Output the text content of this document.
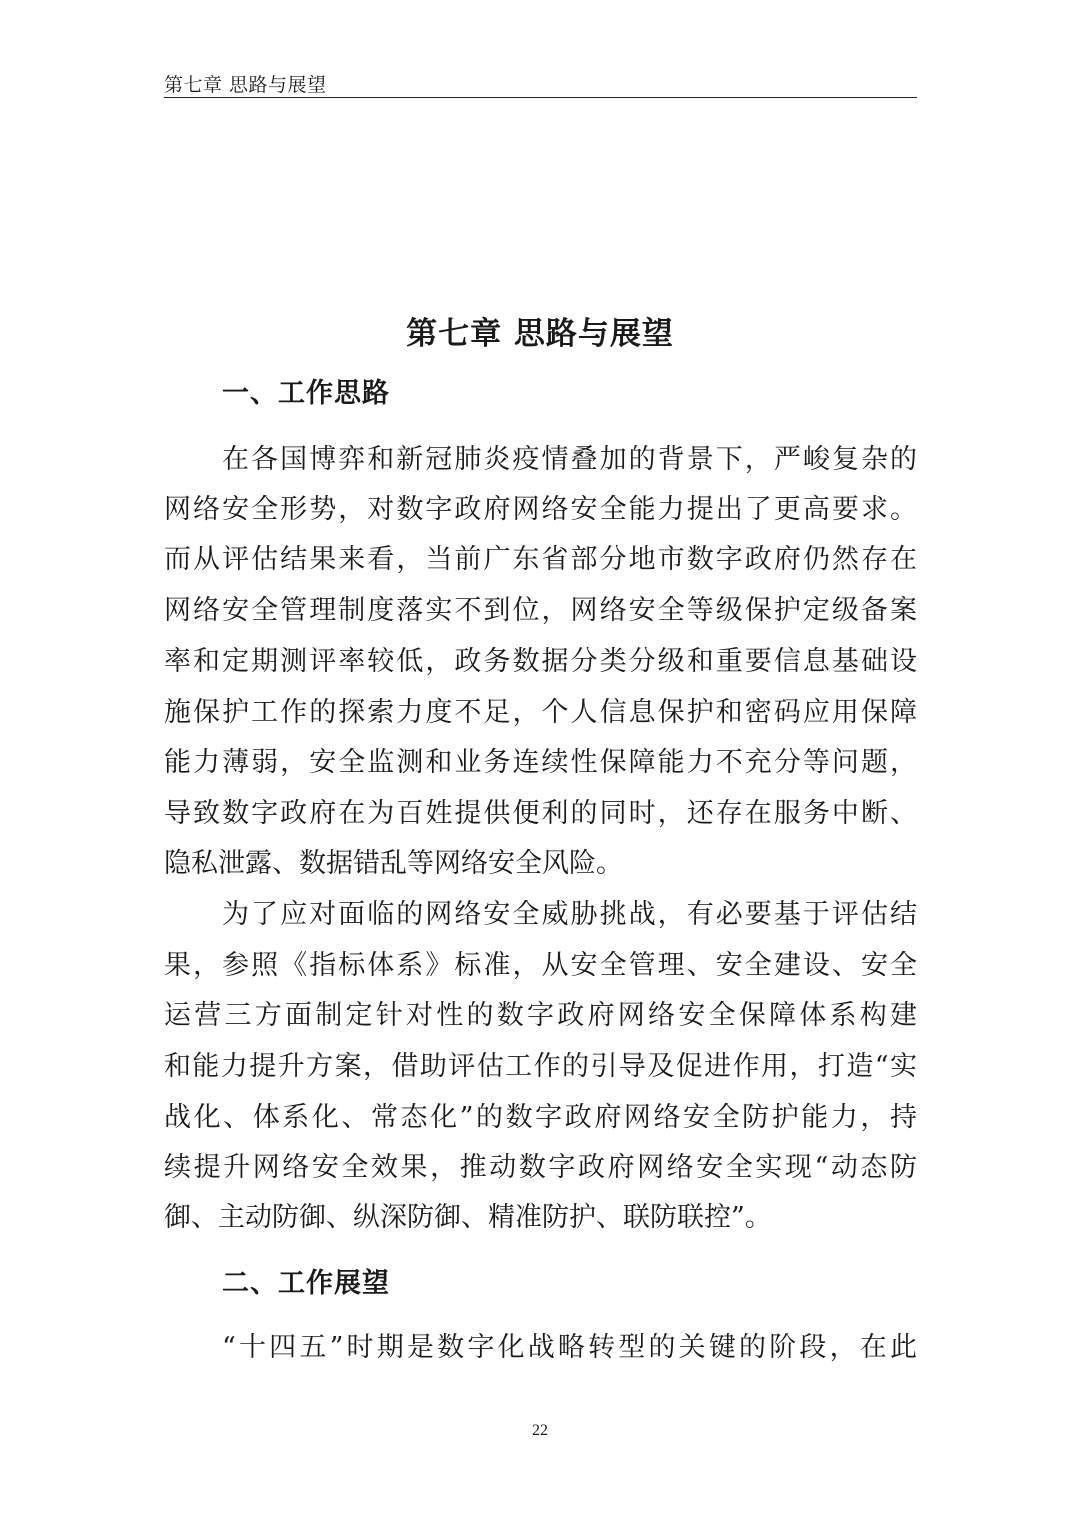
第七章 思路与展望
第七章 思路与展望
一、工作思路
在各国博弈和新冠肺炎疫情叠加的背景下，严峻复杂的
网络安全形势，对数字政府网络安全能力提出了更高要求。
而从评估结果来看，当前广东省部分地市数字政府仍然存在
网络安全管理制度落实不到位，网络安全等级保护定级备案
率和定期测评率较低，政务数据分类分级和重要信息基础设
施保护工作的探索力度不足，个人信息保护和密码应用保障
能力薄弱，安全监测和业务连续性保障能力不充分等问题，
导致数字政府在为百姓提供便利的同时，还存在服务中断、
隐私泄露、数据错乱等网络安全风险。
为了应对面临的网络安全威胁挑战，有必要基于评估结
果，参照《指标体系》标准，从安全管理、安全建设、安全
运营三方面制定针对性的数字政府网络安全保障体系构建
和能力提升方案，借助评估工作的引导及促进作用，打造“实
战化、体系化、常态化”的数字政府网络安全防护能力，持
续提升网络安全效果，推动数字政府网络安全实现“动态防
御、主动防御、纵深防御、精准防护、联防联控”。
二、工作展望
“十四五”时期是数字化战略转型的关键的阶段，在此
22
